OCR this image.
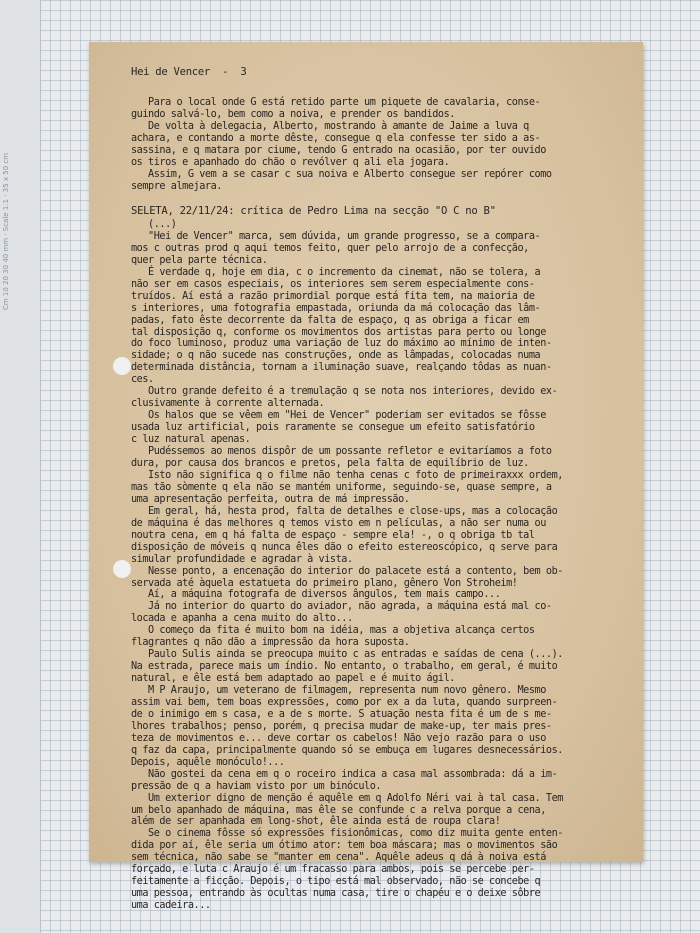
Cm 10 20 30 40 mm · Scale 1:1 · 35 x 50 cm
Hei de Vencer  -  3
Para o local onde G está retido parte um piquete de cavalaria, conse-
guindo salvá-lo, bem como a noiva, e prender os bandidos.
De volta à delegacia, Alberto, mostrando à amante de Jaime a luva q
achara, e contando a morte dêste, consegue q ela confesse ter sido a as-
sassina, e q matara por ciume, tendo G entrado na ocasião, por ter ouvido
os tiros e apanhado do chão o revólver q ali ela jogara.
Assim, G vem a se casar c sua noiva e Alberto consegue ser repórer como
sempre almejara.
SELETA, 22/11/24: crítica de Pedro Lima na secção "O C no B"
(...)
"Hei de Vencer" marca, sem dúvida, um grande progresso, se a compara-
mos c outras prod q aqui temos feito, quer pelo arrojo de a confecção,
quer pela parte técnica.
É verdade q, hoje em dia, c o incremento da cinemat, não se tolera, a
não ser em casos especiais, os interiores sem serem especialmente cons-
truídos. Aí está a razão primordial porque está fita tem, na maioria de
s interiores, uma fotografia empastada, oriunda da má colocação das lâm-
padas, fato êste decorrente da falta de espaço, q as obriga a ficar em
tal disposição q, conforme os movimentos dos artistas para perto ou longe
do foco luminoso, produz uma variação de luz do máximo ao mínimo de inten-
sidade; o q não sucede nas construções, onde as lâmpadas, colocadas numa
determinada distância, tornam a iluminação suave, realçando tôdas as nuan-
ces.
Outro grande defeito é a tremulação q se nota nos interiores, devido ex-
clusivamente à corrente alternada.
Os halos que se vêem em "Hei de Vencer" poderiam ser evitados se fôsse
usada luz artificial, pois raramente se consegue um efeito satisfatório
c luz natural apenas.
Pudéssemos ao menos dispôr de um possante refletor e evitaríamos a foto
dura, por causa dos brancos e pretos, pela falta de equilíbrio de luz.
Isto não significa q o filme não tenha cenas c foto de primeiraxxx ordem,
mas tão sòmente q ela não se mantém uniforme, seguindo-se, quase sempre, a
uma apresentação perfeita, outra de má impressão.
Em geral, há, hesta prod, falta de detalhes e close-ups, mas a colocação
de máquina é das melhores q temos visto em n películas, a não ser numa ou
noutra cena, em q há falta de espaço - sempre ela! -, o q obriga tb tal
disposição de móveis q nunca êles dão o efeito estereoscópico, q serve para
simular profundidade e agradar à vista.
Nesse ponto, a encenação do interior do palacete está a contento, bem ob-
servada até àquela estatueta do primeiro plano, gênero Von Stroheim!
Aí, a máquina fotografa de diversos ângulos, tem mais campo...
Já no interior do quarto do aviador, não agrada, a máquina está mal co-
locada e apanha a cena muito do alto...
O começo da fita é muito bom na idéia, mas a objetiva alcança certos
flagrantes q não dão a impressão da hora suposta.
Paulo Sulis ainda se preocupa muito c as entradas e saídas de cena (...).
Na estrada, parece mais um índio. No entanto, o trabalho, em geral, é muito
natural, e êle está bem adaptado ao papel e é muito ágil.
M P Araujo, um veterano de filmagem, representa num novo gênero. Mesmo
assim vai bem, tem boas expressões, como por ex a da luta, quando surpreen-
de o inimigo em s casa, e a de s morte. S atuação nesta fita é um de s me-
lhores trabalhos; penso, porém, q precisa mudar de make-up, ter mais pres-
teza de movimentos e... deve cortar os cabelos! Não vejo razão para o uso
q faz da capa, principalmente quando só se embuça em lugares desnecessários.
Depois, aquêle monóculo!...
Não gostei da cena em q o roceiro indica a casa mal assombrada: dá a im-
pressão de q a haviam visto por um binóculo.
Um exterior digno de menção é aquêle em q Adolfo Néri vai à tal casa. Tem
um belo apanhado de máquina, mas êle se confunde c a relva porque a cena,
além de ser apanhada em long-shot, êle ainda está de roupa clara!
Se o cinema fôsse só expressões fisionômicas, como diz muita gente enten-
dida por aí, êle seria um ótimo ator: tem boa máscara; mas o movimentos são
sem técnica, não sabe se "manter em cena". Aquêle adeus q dá à noiva está
forçado, e luta c Araujo é um fracasso para ambos, pois se percebe per-
feitamente a ficção. Depois, o tipo está mal observado, não se concebe q
uma pessoa, entrando às ocultas numa casa, tire o chapéu e o deixe sôbre
uma cadeira...
